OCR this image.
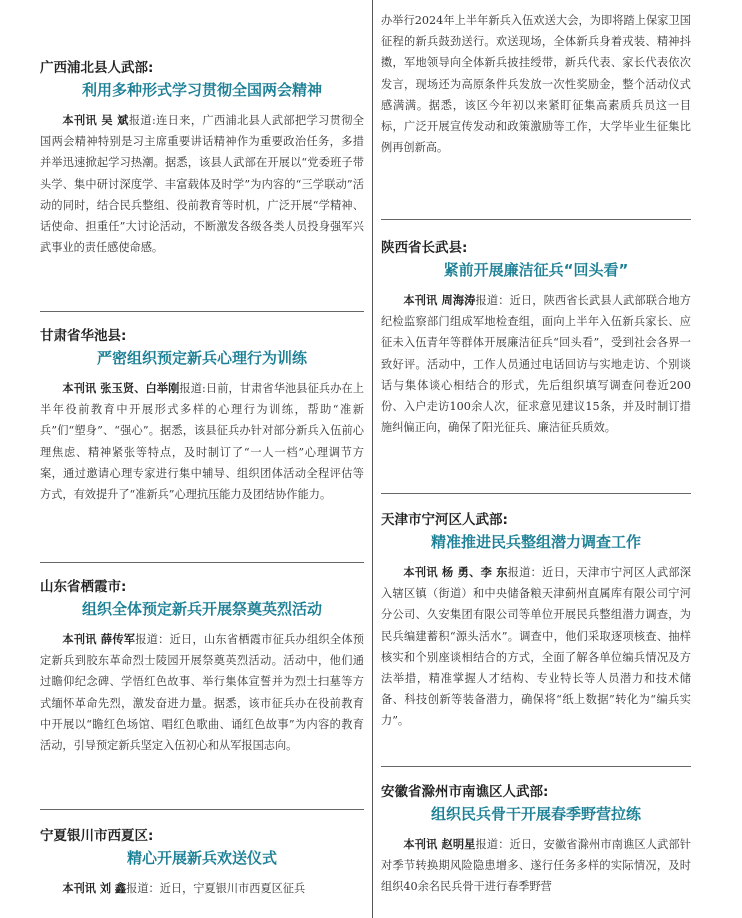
广西浦北县人武部:

利用多种形式学习贯彻全国两会精神

本刊讯 吴 斌报道:连日来，广西浦北县人武部把学习贯彻全国两会精神特别是习主席重要讲话精神作为重要政治任务，多措并举迅速掀起学习热潮。据悉，该县人武部在开展以“党委班子带头学、集中研讨深度学、丰富载体及时学”为内容的“三学联动”活动的同时，结合民兵整组、役前教育等时机，广泛开展“学精神、话使命、担重任”大讨论活动，不断激发各级各类人员投身强军兴武事业的责任感使命感。

甘肃省华池县:

严密组织预定新兵心理行为训练

本刊讯 张玉贤、白举刚报道:日前，甘肃省华池县征兵办在上半年役前教育中开展形式多样的心理行为训练，帮助“准新兵”们“塑身”、“强心”。据悉，该县征兵办针对部分新兵入伍前心理焦虑、精神紧张等特点，及时制订了“一人一档”心理调节方案，通过邀请心理专家进行集中辅导、组织团体活动全程评估等方式，有效提升了“准新兵”心理抗压能力及团结协作能力。

山东省栖霞市:

组织全体预定新兵开展祭奠英烈活动

本刊讯 薛传军报道：近日，山东省栖霞市征兵办组织全体预定新兵到胶东革命烈士陵园开展祭奠英烈活动。活动中，他们通过瞻仰纪念碑、学悟红色故事、举行集体宣誓并为烈士扫墓等方式缅怀革命先烈，激发奋进力量。据悉，该市征兵办在役前教育中开展以“瞻红色场馆、唱红色歌曲、诵红色故事”为内容的教育活动，引导预定新兵坚定入伍初心和从军报国志向。

宁夏银川市西夏区:

精心开展新兵欢送仪式

本刊讯 刘 鑫报道：近日，宁夏银川市西夏区征兵

办举行2024年上半年新兵入伍欢送大会，为即将踏上保家卫国征程的新兵鼓劲送行。欢送现场，全体新兵身着戎装、精神抖擞，军地领导向全体新兵披挂绶带，新兵代表、家长代表依次发言，现场还为高原条件兵发放一次性奖励金，整个活动仪式感满满。据悉，该区今年初以来紧盯征集高素质兵员这一目标，广泛开展宣传发动和政策激励等工作，大学毕业生征集比例再创新高。

陕西省长武县:

紧前开展廉洁征兵“回头看”

本刊讯 周海涛报道：近日，陕西省长武县人武部联合地方纪检监察部门组成军地检查组，面向上半年入伍新兵家长、应征未入伍青年等群体开展廉洁征兵“回头看”，受到社会各界一致好评。活动中，工作人员通过电话回访与实地走访、个别谈话与集体谈心相结合的形式，先后组织填写调查问卷近200份、入户走访100余人次，征求意见建议15条，并及时制订措施纠偏正向，确保了阳光征兵、廉洁征兵质效。

天津市宁河区人武部:

精准推进民兵整组潜力调查工作

本刊讯 杨 勇、李 东报道：近日，天津市宁河区人武部深入辖区镇（街道）和中央储备粮天津蓟州直属库有限公司宁河分公司、久安集团有限公司等单位开展民兵整组潜力调查，为民兵编建蓄积“源头活水”。调查中，他们采取逐项核查、抽样核实和个别座谈相结合的方式，全面了解各单位编兵情况及方法举措，精准掌握人才结构、专业特长等人员潜力和技术储备、科技创新等装备潜力，确保将“纸上数据”转化为“编兵实力”。

安徽省滁州市南谯区人武部:

组织民兵骨干开展春季野营拉练

本刊讯 赵明星报道：近日，安徽省滁州市南谯区人武部针对季节转换期风险隐患增多、遂行任务多样的实际情况，及时组织40余名民兵骨干进行春季野营
